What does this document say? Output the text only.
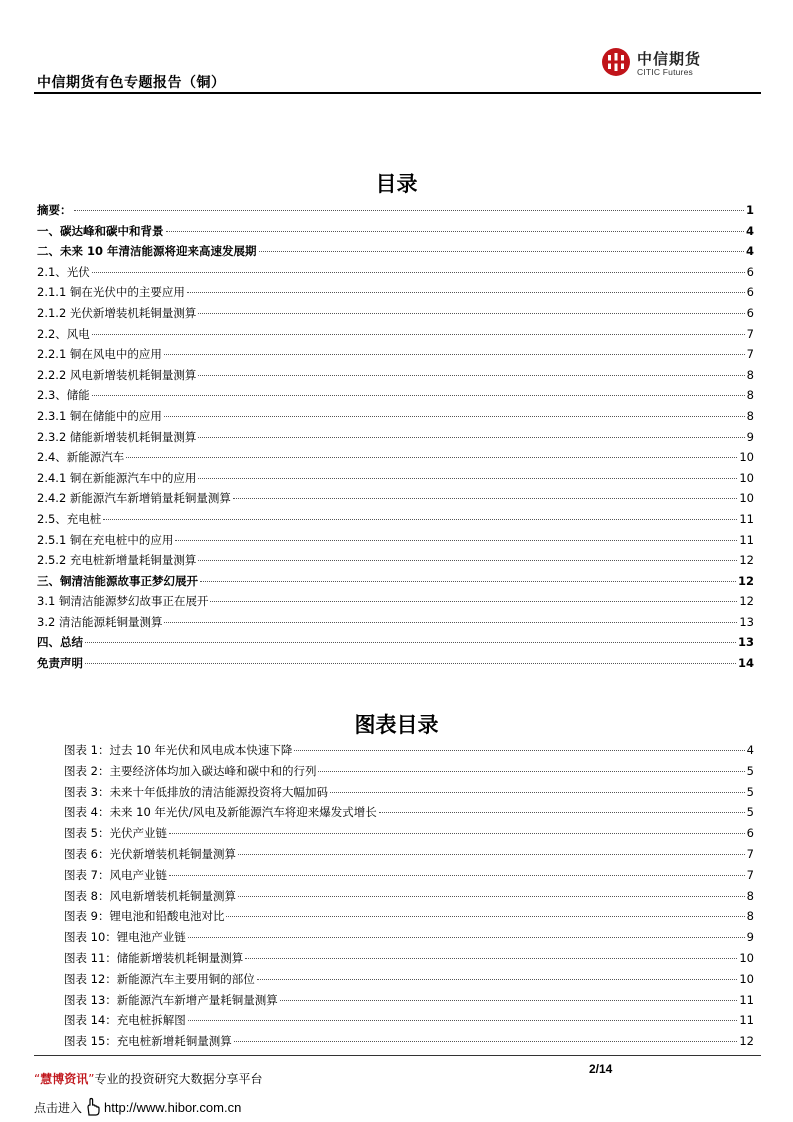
中信期货有色专题报告（铜）
中信期货
CITIC Futures
目录
摘要：	1
一、碳达峰和碳中和背景	4
二、未来 10 年清洁能源将迎来高速发展期	4
2.1、光伏	6
2.1.1 铜在光伏中的主要应用	6
2.1.2 光伏新增装机耗铜量测算	6
2.2、风电	7
2.2.1 铜在风电中的应用	7
2.2.2 风电新增装机耗铜量测算	8
2.3、储能	8
2.3.1 铜在储能中的应用	8
2.3.2 储能新增装机耗铜量测算	9
2.4、新能源汽车	10
2.4.1 铜在新能源汽车中的应用	10
2.4.2 新能源汽车新增销量耗铜量测算	10
2.5、充电桩	11
2.5.1 铜在充电桩中的应用	11
2.5.2 充电桩新增量耗铜量测算	12
三、铜清洁能源故事正梦幻展开	12
3.1 铜清洁能源梦幻故事正在展开	12
3.2 清洁能源耗铜量测算	13
四、总结	13
免责声明	14
图表目录
图表 1：过去 10 年光伏和风电成本快速下降	4
图表 2：主要经济体均加入碳达峰和碳中和的行列	5
图表 3：未来十年低排放的清洁能源投资将大幅加码	5
图表 4：未来 10 年光伏/风电及新能源汽车将迎来爆发式增长	5
图表 5：光伏产业链	6
图表 6：光伏新增装机耗铜量测算	7
图表 7：风电产业链	7
图表 8：风电新增装机耗铜量测算	8
图表 9：锂电池和铅酸电池对比	8
图表 10：锂电池产业链	9
图表 11：储能新增装机耗铜量测算	10
图表 12：新能源汽车主要用铜的部位	10
图表 13：新能源汽车新增产量耗铜量测算	11
图表 14：充电桩拆解图	11
图表 15：充电桩新增耗铜量测算	12
2/14
“慧博资讯”专业的投资研究大数据分享平台
点击进入 http://www.hibor.com.cn
